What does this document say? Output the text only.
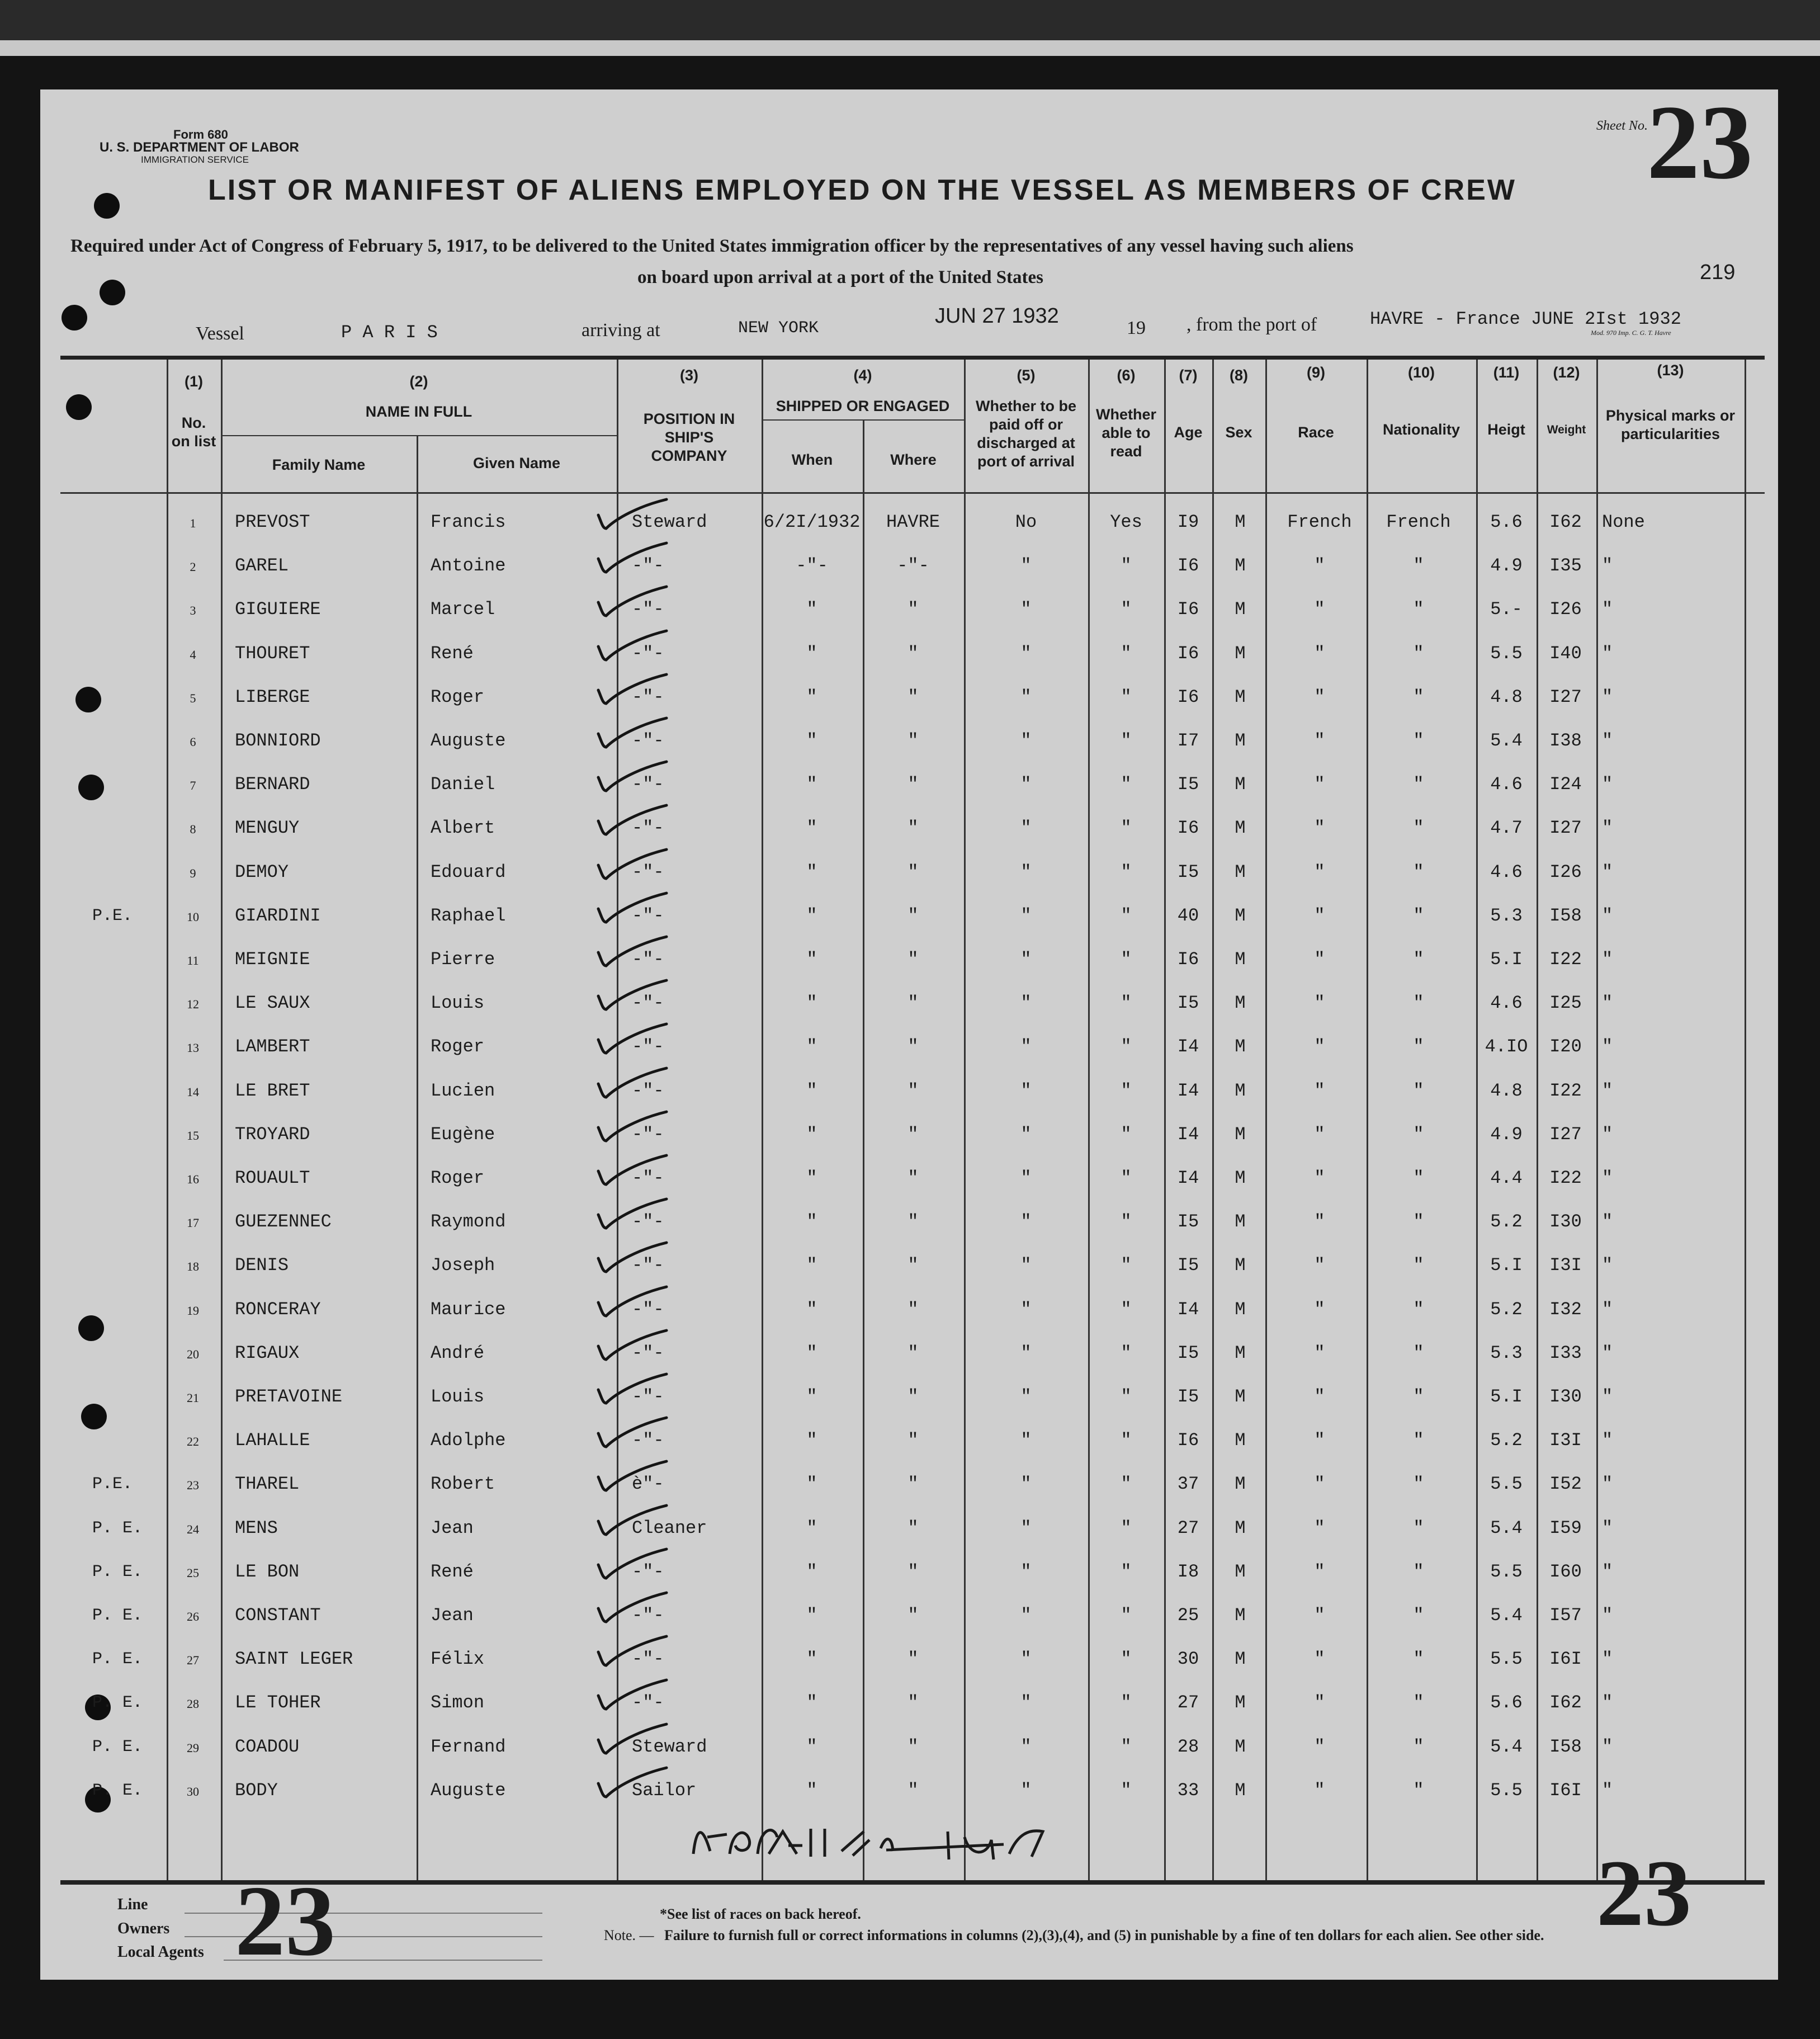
Form 680
U. S. DEPARTMENT OF LABOR
IMMIGRATION SERVICE
Sheet No.
23
LIST OR MANIFEST OF ALIENS EMPLOYED ON THE VESSEL AS MEMBERS OF CREW
Required under Act of Congress of February 5, 1917, to be delivered to the United States immigration officer by the representatives of any vessel having such aliens
on board upon arrival at a port of the United States	219
Vessel	P A R I S	arriving at	NEW YORK
JUN 27 1932
19 , from the port of	HAVRE - France JUNE 2Ist 1932
Mod. 970 Imp. C. G. T. Havre
(1)
No. on list
(2)
NAME IN FULL
Family Name	Given Name
(3)
POSITION IN SHIP'S COMPANY
(4)
SHIPPED OR ENGAGED
When	Where
(5)
Whether to be paid off or discharged at port of arrival
(6)
Whether able to read
(7)
Age
(8)
Sex
(9)
Race
(10)
Nationality
(11)
Heigt
(12)
Weight
(13)
Physical marks or particularities
1	PREVOST	Francis	Steward	6/2I/1932	HAVRE	No	Yes	I9	M	French	French	5.6	I62	None
2	GAREL	Antoine	-"-	-"-	-"-	"	"	I6	M	"	"	4.9	I35	"
3	GIGUIERE	Marcel	-"-	"	"	"	"	I6	M	"	"	5.-	I26	"
4	THOURET	René	-"-	"	"	"	"	I6	M	"	"	5.5	I40	"
5	LIBERGE	Roger	-"-	"	"	"	"	I6	M	"	"	4.8	I27	"
6	BONNIORD	Auguste	-"-	"	"	"	"	I7	M	"	"	5.4	I38	"
7	BERNARD	Daniel	-"-	"	"	"	"	I5	M	"	"	4.6	I24	"
8	MENGUY	Albert	-"-	"	"	"	"	I6	M	"	"	4.7	I27	"
9	DEMOY	Edouard	-"-	"	"	"	"	I5	M	"	"	4.6	I26	"
P.E.	10 GIARDINI	Raphael	-"-	"	"	"	"	40	M	"	"	5.3	I58	"
11 MEIGNIE	Pierre	-"-	"	"	"	"	I6	M	"	"	5.I	I22	"
12 LE SAUX	Louis	-"-	"	"	"	"	I5	M	"	"	4.6	I25	"
13 LAMBERT	Roger	-"-	"	"	"	"	I4	M	"	"	4.IO	I20	"
14 LE BRET	Lucien	-"-	"	"	"	"	I4	M	"	"	4.8	I22	"
15 TROYARD	Eugène	-"-	"	"	"	"	I4	M	"	"	4.9	I27	"
16 ROUAULT	Roger	-"-	"	"	"	"	I4	M	"	"	4.4	I22	"
17 GUEZENNEC	Raymond	-"-	"	"	"	"	I5	M	"	"	5.2	I30	"
18 DENIS	Joseph	-"-	"	"	"	"	I5	M	"	"	5.I	I3I	"
19 RONCERAY	Maurice	-"-	"	"	"	"	I4	M	"	"	5.2	I32	"
20 RIGAUX	André	-"-	"	"	"	"	I5	M	"	"	5.3	I33	"
21 PRETAVOINE	Louis	-"-	"	"	"	"	I5	M	"	"	5.I	I30	"
22 LAHALLE	Adolphe	-"-	"	"	"	"	I6	M	"	"	5.2	I3I	"
P.E.	23 THAREL	Robert	è"-	"	"	"	"	37	M	"	"	5.5	I52	"
P. E.	24 MENS	Jean	Cleaner	"	"	"	"	27	M	"	"	5.4	I59	"
P. E.	25 LE BON	René	-"-	"	"	"	"	I8	M	"	"	5.5	I60	"
P. E.	26 CONSTANT	Jean	-"-	"	"	"	"	25	M	"	"	5.4	I57	"
P. E.	27 SAINT LEGER	Félix	-"-	"	"	"	"	30	M	"	"	5.5	I6I	"
P. E.	28 LE TOHER	Simon	-"-	"	"	"	"	27	M	"	"	5.6	I62	"
P. E.	29 COADOU	Fernand	Steward	"	"	"	"	28	M	"	"	5.4	I58	"
P. E.	30 BODY	Auguste	Sailor	"	"	"	"	33	M	"	"	5.5	I6I	"
Line
Owners
Local Agents 23	23
*See list of races on back hereof.
Note. — Failure to furnish full or correct informations in columns (2),(3),(4), and (5) in punishable by a fine of ten dollars for each alien. See other side.
